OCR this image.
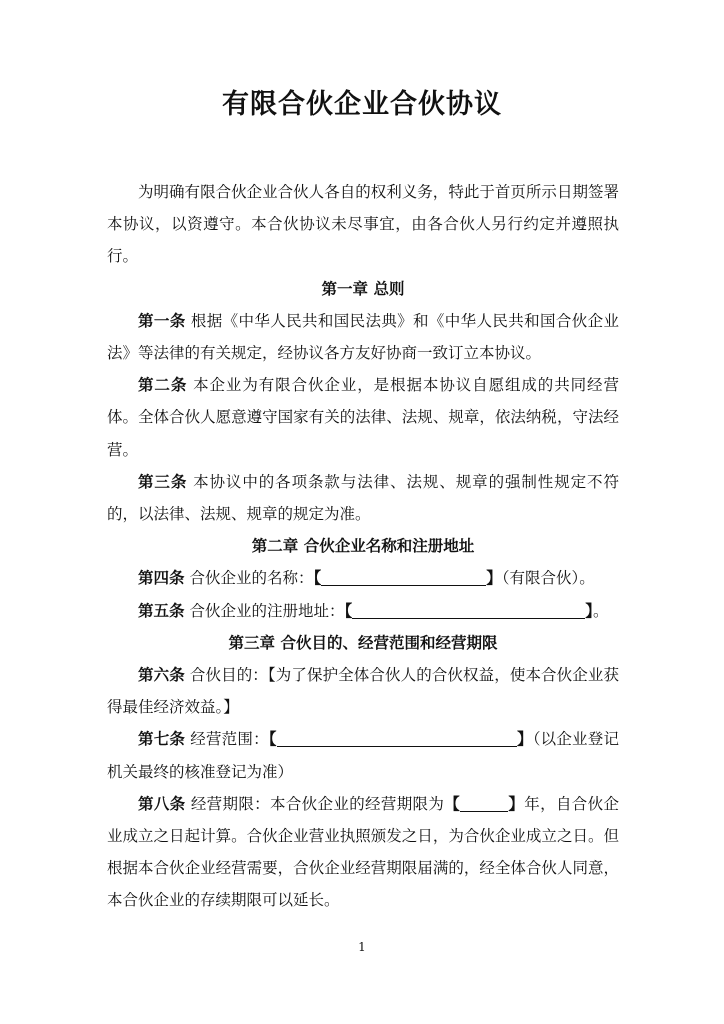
有限合伙企业合伙协议

为明确有限合伙企业合伙人各自的权利义务，特此于首页所示日期签署本协议，以资遵守。本合伙协议未尽事宜，由各合伙人另行约定并遵照执行。

第一章 总则

第一条 根据《中华人民共和国民法典》和《中华人民共和国合伙企业法》等法律的有关规定，经协议各方友好协商一致订立本协议。

第二条 本企业为有限合伙企业，是根据本协议自愿组成的共同经营体。全体合伙人愿意遵守国家有关的法律、法规、规章，依法纳税，守法经营。

第三条 本协议中的各项条款与法律、法规、规章的强制性规定不符的，以法律、法规、规章的规定为准。

第二章 合伙企业名称和注册地址

第四条 合伙企业的名称：【	】（有限合伙）。

第五条 合伙企业的注册地址：【	】。

第三章 合伙目的、经营范围和经营期限

第六条 合伙目的：【为了保护全体合伙人的合伙权益，使本合伙企业获得最佳经济效益。】

第七条 经营范围：【	】（以企业登记机关最终的核准登记为准）

第八条 经营期限：本合伙企业的经营期限为【	】年，自合伙企业成立之日起计算。合伙企业营业执照颁发之日，为合伙企业成立之日。但根据本合伙企业经营需要，合伙企业经营期限届满的，经全体合伙人同意，本合伙企业的存续期限可以延长。

1
